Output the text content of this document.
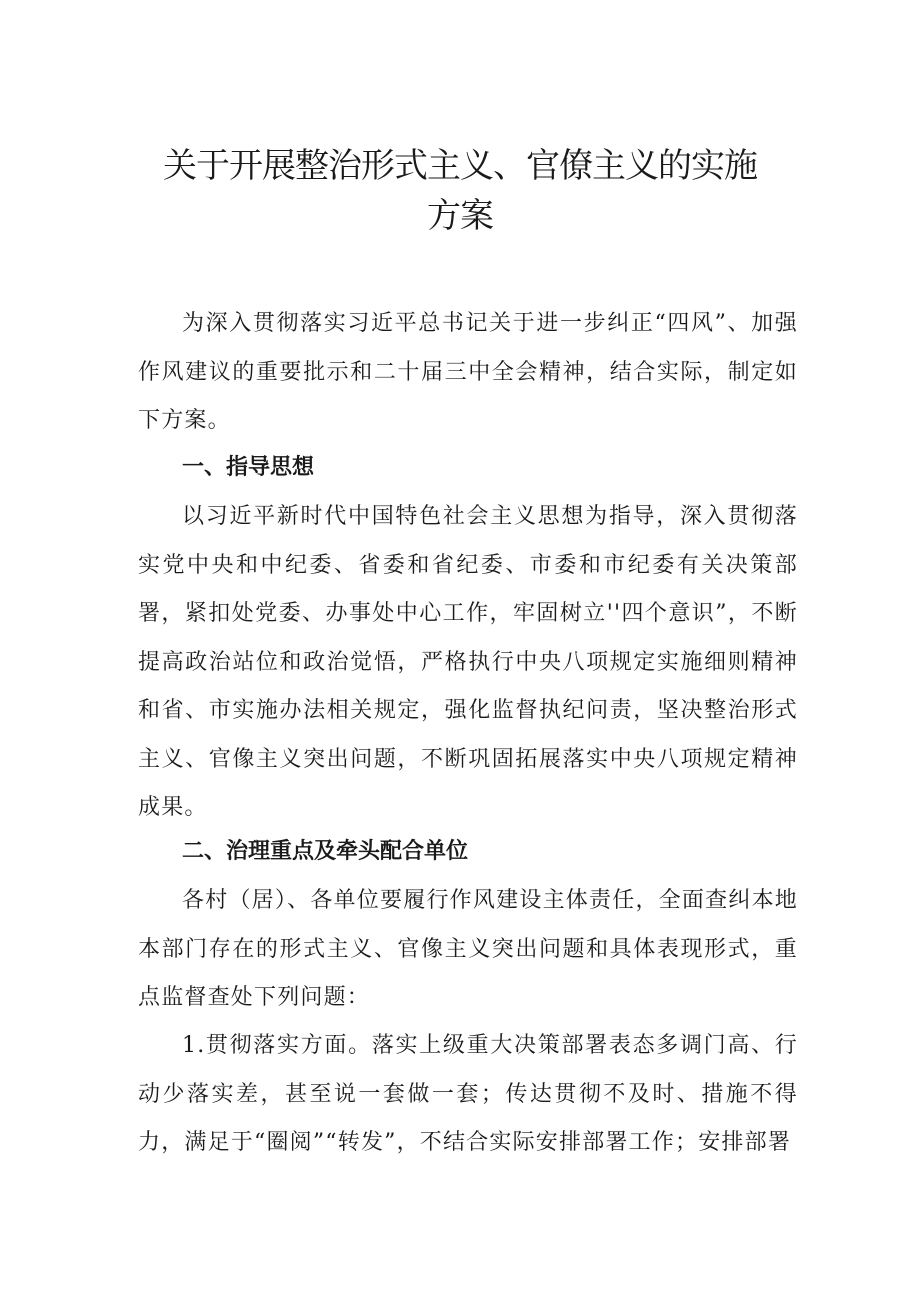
关于开展整治形式主义、官僚主义的实施
方案

为深入贯彻落实习近平总书记关于进一步纠正“四风”、加强作风建议的重要批示和二十届三中全会精神，结合实际，制定如下方案。

一、指导思想

以习近平新时代中国特色社会主义思想为指导，深入贯彻落实党中央和中纪委、省委和省纪委、市委和市纪委有关决策部署，紧扣处党委、办事处中心工作，牢固树立''四个意识”，不断提高政治站位和政治觉悟，严格执行中央八项规定实施细则精神和省、市实施办法相关规定，强化监督执纪问责，坚决整治形式主义、官像主义突出问题，不断巩固拓展落实中央八项规定精神成果。

二、治理重点及牵头配合单位

各村（居）、各单位要履行作风建设主体责任，全面查纠本地本部门存在的形式主义、官像主义突出问题和具体表现形式，重点监督查处下列问题：

1.贯彻落实方面。落实上级重大决策部署表态多调门高、行动少落实差，甚至说一套做一套；传达贯彻不及时、措施不得力，满足于“圈阅”“转发”，不结合实际安排部署工作；安排部署
